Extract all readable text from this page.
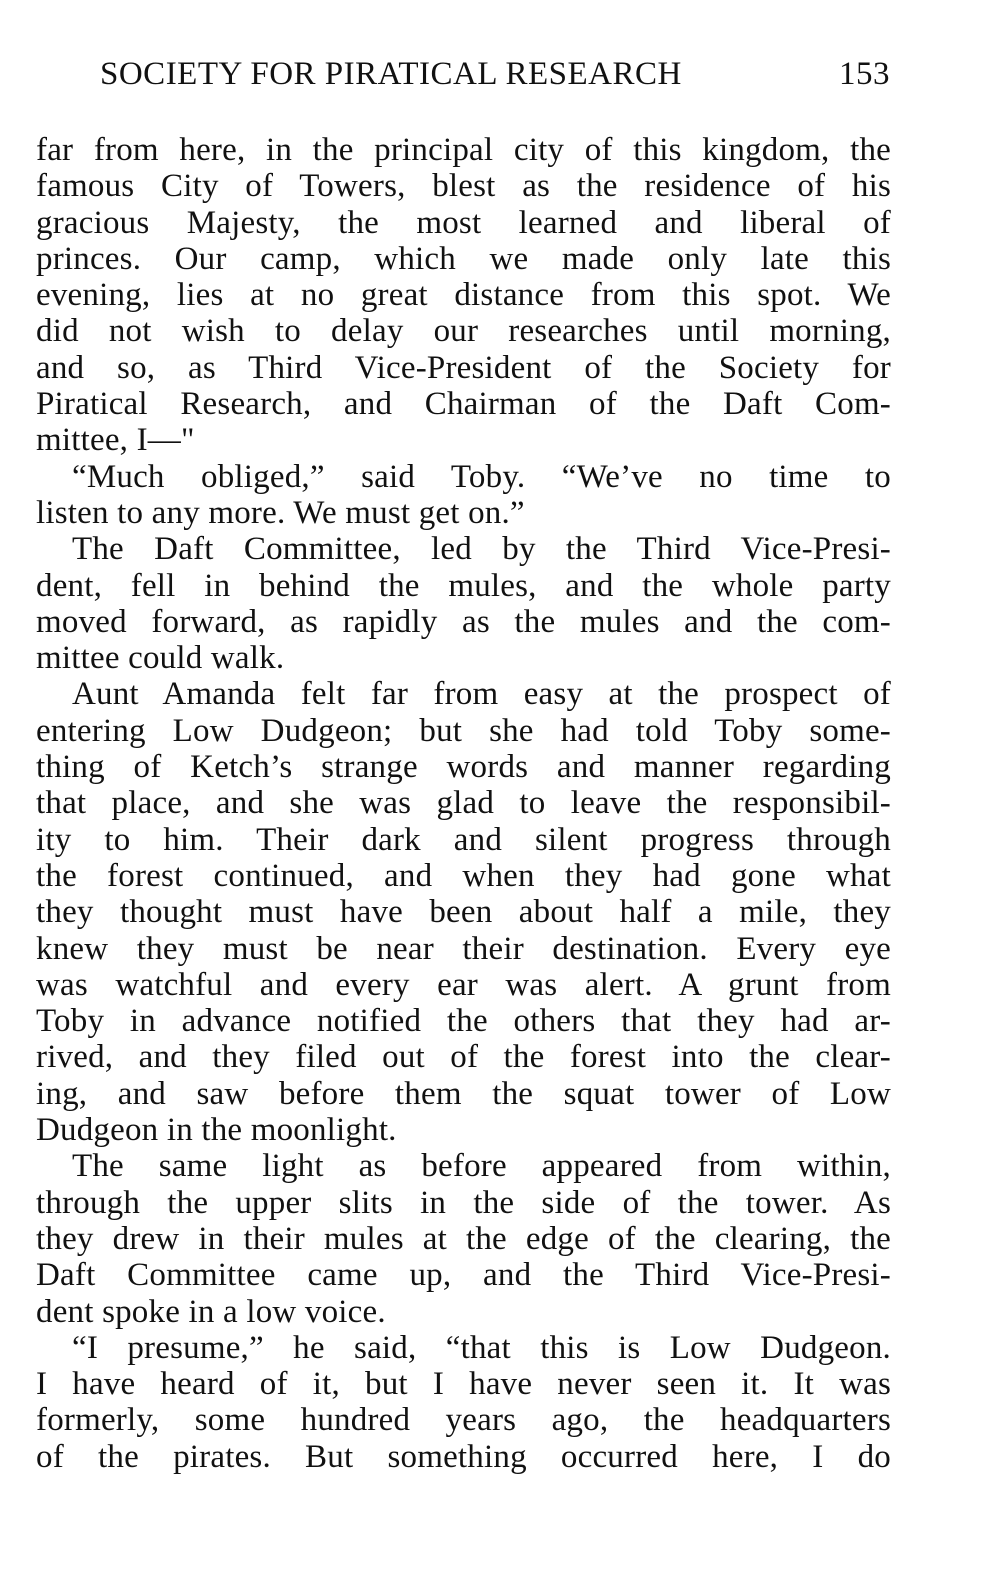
SOCIETY FOR PIRATICAL RESEARCH	153
far from here, in the principal city of this kingdom, the
famous City of Towers, blest as the residence of his
gracious Majesty, the most learned and liberal of
princes. Our camp, which we made only late this
evening, lies at no great distance from this spot. We
did not wish to delay our researches until morning,
and so, as Third Vice-President of the Society for
Piratical Research, and Chairman of the Daft Com-
mittee, I—"
“Much obliged,” said Toby. “We’ve no time to
listen to any more. We must get on.”
The Daft Committee, led by the Third Vice-Presi-
dent, fell in behind the mules, and the whole party
moved forward, as rapidly as the mules and the com-
mittee could walk.
Aunt Amanda felt far from easy at the prospect of
entering Low Dudgeon; but she had told Toby some-
thing of Ketch’s strange words and manner regarding
that place, and she was glad to leave the responsibil-
ity to him. Their dark and silent progress through
the forest continued, and when they had gone what
they thought must have been about half a mile, they
knew they must be near their destination. Every eye
was watchful and every ear was alert. A grunt from
Toby in advance notified the others that they had ar-
rived, and they filed out of the forest into the clear-
ing, and saw before them the squat tower of Low
Dudgeon in the moonlight.
The same light as before appeared from within,
through the upper slits in the side of the tower. As
they drew in their mules at the edge of the clearing, the
Daft Committee came up, and the Third Vice-Presi-
dent spoke in a low voice.
“I presume,” he said, “that this is Low Dudgeon.
I have heard of it, but I have never seen it. It was
formerly, some hundred years ago, the headquarters
of the pirates. But something occurred here, I do
